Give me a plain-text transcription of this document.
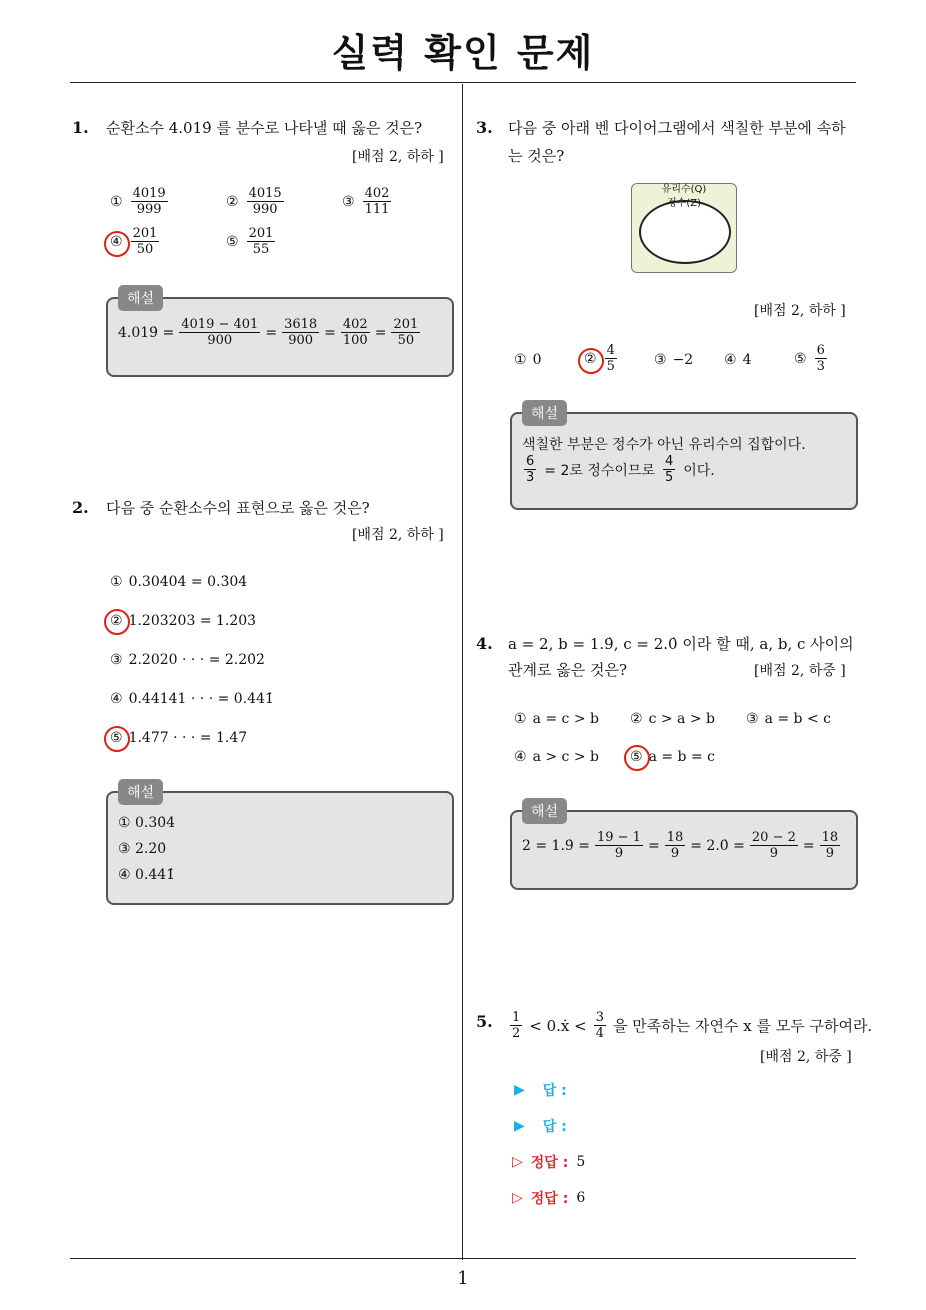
실력 확인 문제
1
1. 순환소수 4.019̇ 를 분수로 나타낼 때 옳은 것은?
[배점 2, 하하 ]
① $\frac{4019}{999}$	② $\frac{4015}{990}$	③ $\frac{402}{111}$
④ $\frac{201}{50}$	⑤ $\frac{201}{55}$
4.019̇ = $\frac{4019 - 401}{900} = \frac{3618}{900} = \frac{402}{100} = \frac{201}{50}$
해설
2. 다음 중 순환소수의 표현으로 옳은 것은?
[배점 2, 하하 ]
① 0.30404 = 0.3̇04̇
② 1.203203 = 1.2̇03̇
③ 2.2020 · · · = 2.20̇2̇
④ 0.44141 · · · = 0.4̇41̇
⑤ 1.477 · · · = 1.47̇
① 0.30̇4̇
③ 2.2̇0̇
④ 0.44̇1̇
해설
3. 다음 중 아래 벤 다이어그램에서 색칠한 부분에 속하는 것은?
유리수(Q)
정수(Z)
[배점 2, 하하 ]
① 0	② $\frac{4}{5}$	③ −2 ④ 4	⑤ $\frac{6}{3}$
색칠한 부분은 정수가 아닌 유리수의 집합이다.
$\frac{6}{3} = 2$로 정수이므로 $\frac{4}{5}$ 이다.
해설
4. a = 2, b = 1.9̇, c = 2.0̇ 이라 할 때, a, b, c 사이의
관계로 옳은 것은?	[배점 2, 하중 ]
① a = c > b ② c > a > b ③ a = b < c
④ a > c > b ⑤ a = b = c
2 = 1.9̇ = $\frac{19 - 1}{9} = \frac{18}{9}$ = 2.0̇ = $\frac{20 - 2}{9} = \frac{18}{9}$
해설
5. $\frac{1}{2}$ < 0.ẋ < $\frac{3}{4}$ 을 만족하는 자연수 x 를 모두 구하여라.
[배점 2, 하중 ]
▶ 답 :
▶ 답 :
▷ 정답 : 5
▷ 정답 : 6
